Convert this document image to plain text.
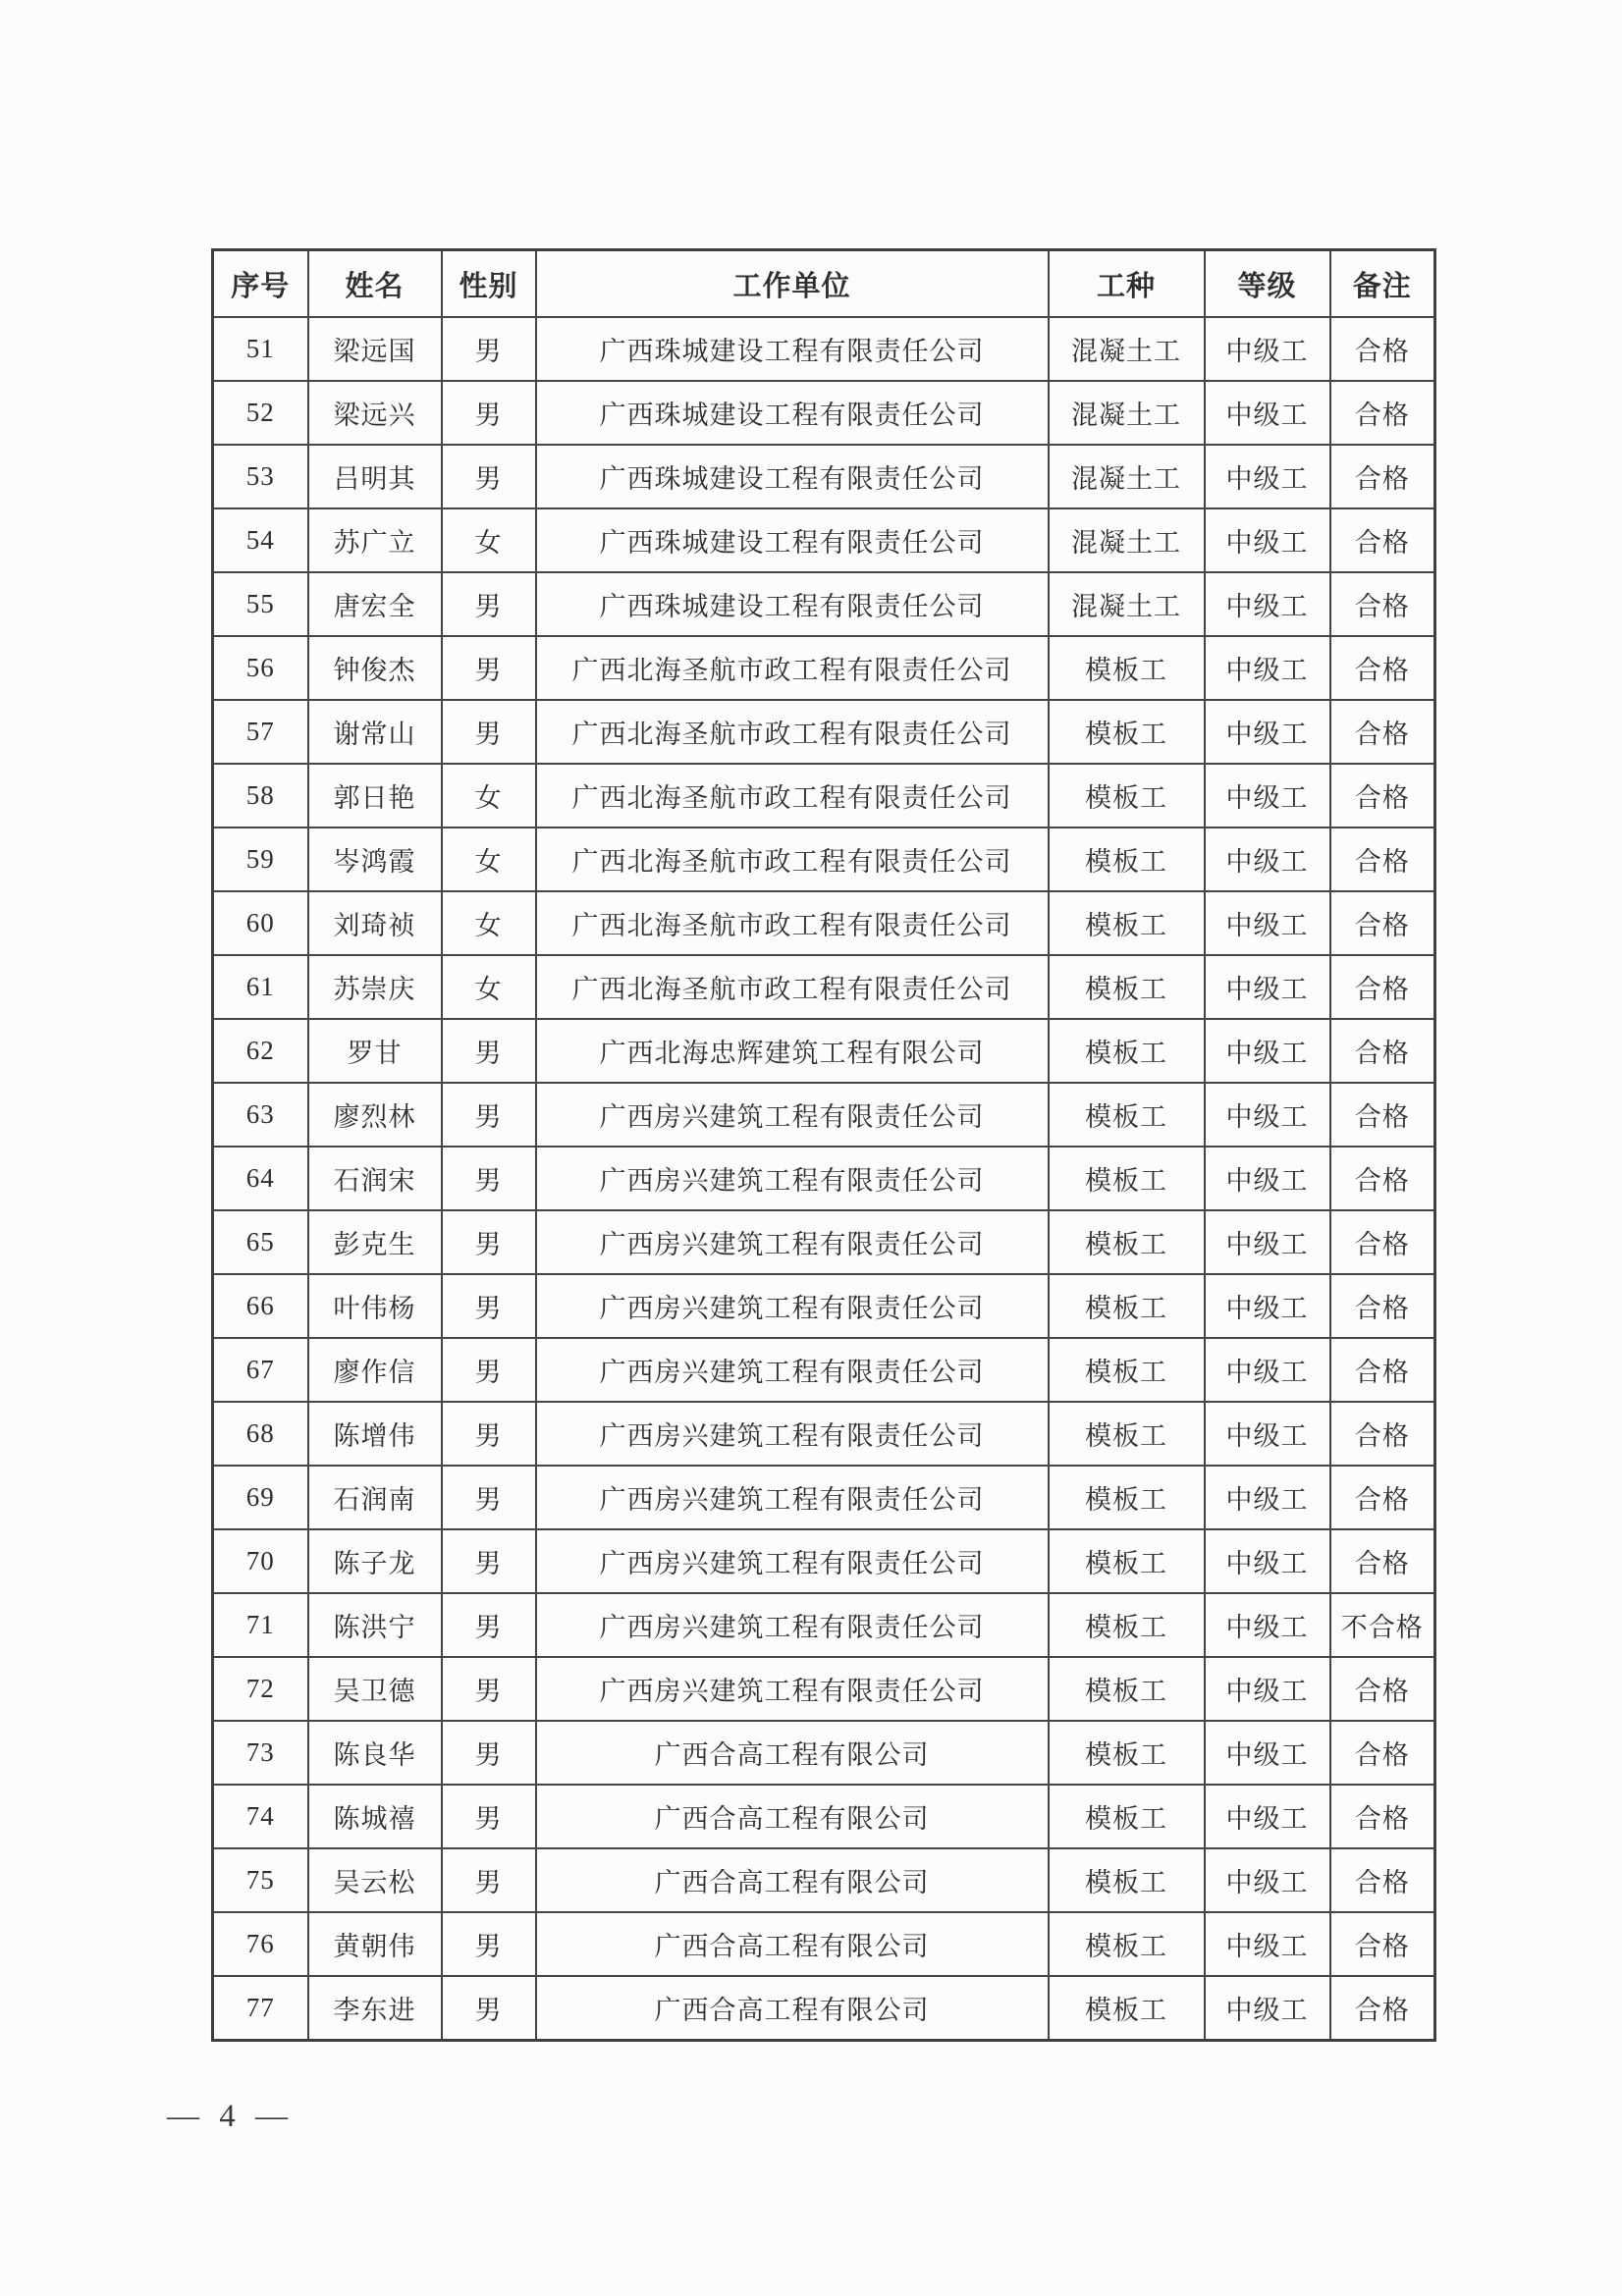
序号	姓名	性别	工作单位	工种	等级	备注
51	梁远国	男	广西珠城建设工程有限责任公司	混凝土工	中级工	合格
52	梁远兴	男	广西珠城建设工程有限责任公司	混凝土工	中级工	合格
53	吕明其	男	广西珠城建设工程有限责任公司	混凝土工	中级工	合格
54	苏广立	女	广西珠城建设工程有限责任公司	混凝土工	中级工	合格
55	唐宏全	男	广西珠城建设工程有限责任公司	混凝土工	中级工	合格
56	钟俊杰	男	广西北海圣航市政工程有限责任公司	模板工	中级工	合格
57	谢常山	男	广西北海圣航市政工程有限责任公司	模板工	中级工	合格
58	郭日艳	女	广西北海圣航市政工程有限责任公司	模板工	中级工	合格
59	岑鸿霞	女	广西北海圣航市政工程有限责任公司	模板工	中级工	合格
60	刘琦祯	女	广西北海圣航市政工程有限责任公司	模板工	中级工	合格
61	苏崇庆	女	广西北海圣航市政工程有限责任公司	模板工	中级工	合格
62	罗甘	男	广西北海忠辉建筑工程有限公司	模板工	中级工	合格
63	廖烈林	男	广西房兴建筑工程有限责任公司	模板工	中级工	合格
64	石润宋	男	广西房兴建筑工程有限责任公司	模板工	中级工	合格
65	彭克生	男	广西房兴建筑工程有限责任公司	模板工	中级工	合格
66	叶伟杨	男	广西房兴建筑工程有限责任公司	模板工	中级工	合格
67	廖作信	男	广西房兴建筑工程有限责任公司	模板工	中级工	合格
68	陈增伟	男	广西房兴建筑工程有限责任公司	模板工	中级工	合格
69	石润南	男	广西房兴建筑工程有限责任公司	模板工	中级工	合格
70	陈子龙	男	广西房兴建筑工程有限责任公司	模板工	中级工	合格
71	陈洪宁	男	广西房兴建筑工程有限责任公司	模板工	中级工	不合格
72	吴卫德	男	广西房兴建筑工程有限责任公司	模板工	中级工	合格
73	陈良华	男	广西合高工程有限公司	模板工	中级工	合格
74	陈城禧	男	广西合高工程有限公司	模板工	中级工	合格
75	吴云松	男	广西合高工程有限公司	模板工	中级工	合格
76	黄朝伟	男	广西合高工程有限公司	模板工	中级工	合格
77	李东进	男	广西合高工程有限公司	模板工	中级工	合格
— 4 —
